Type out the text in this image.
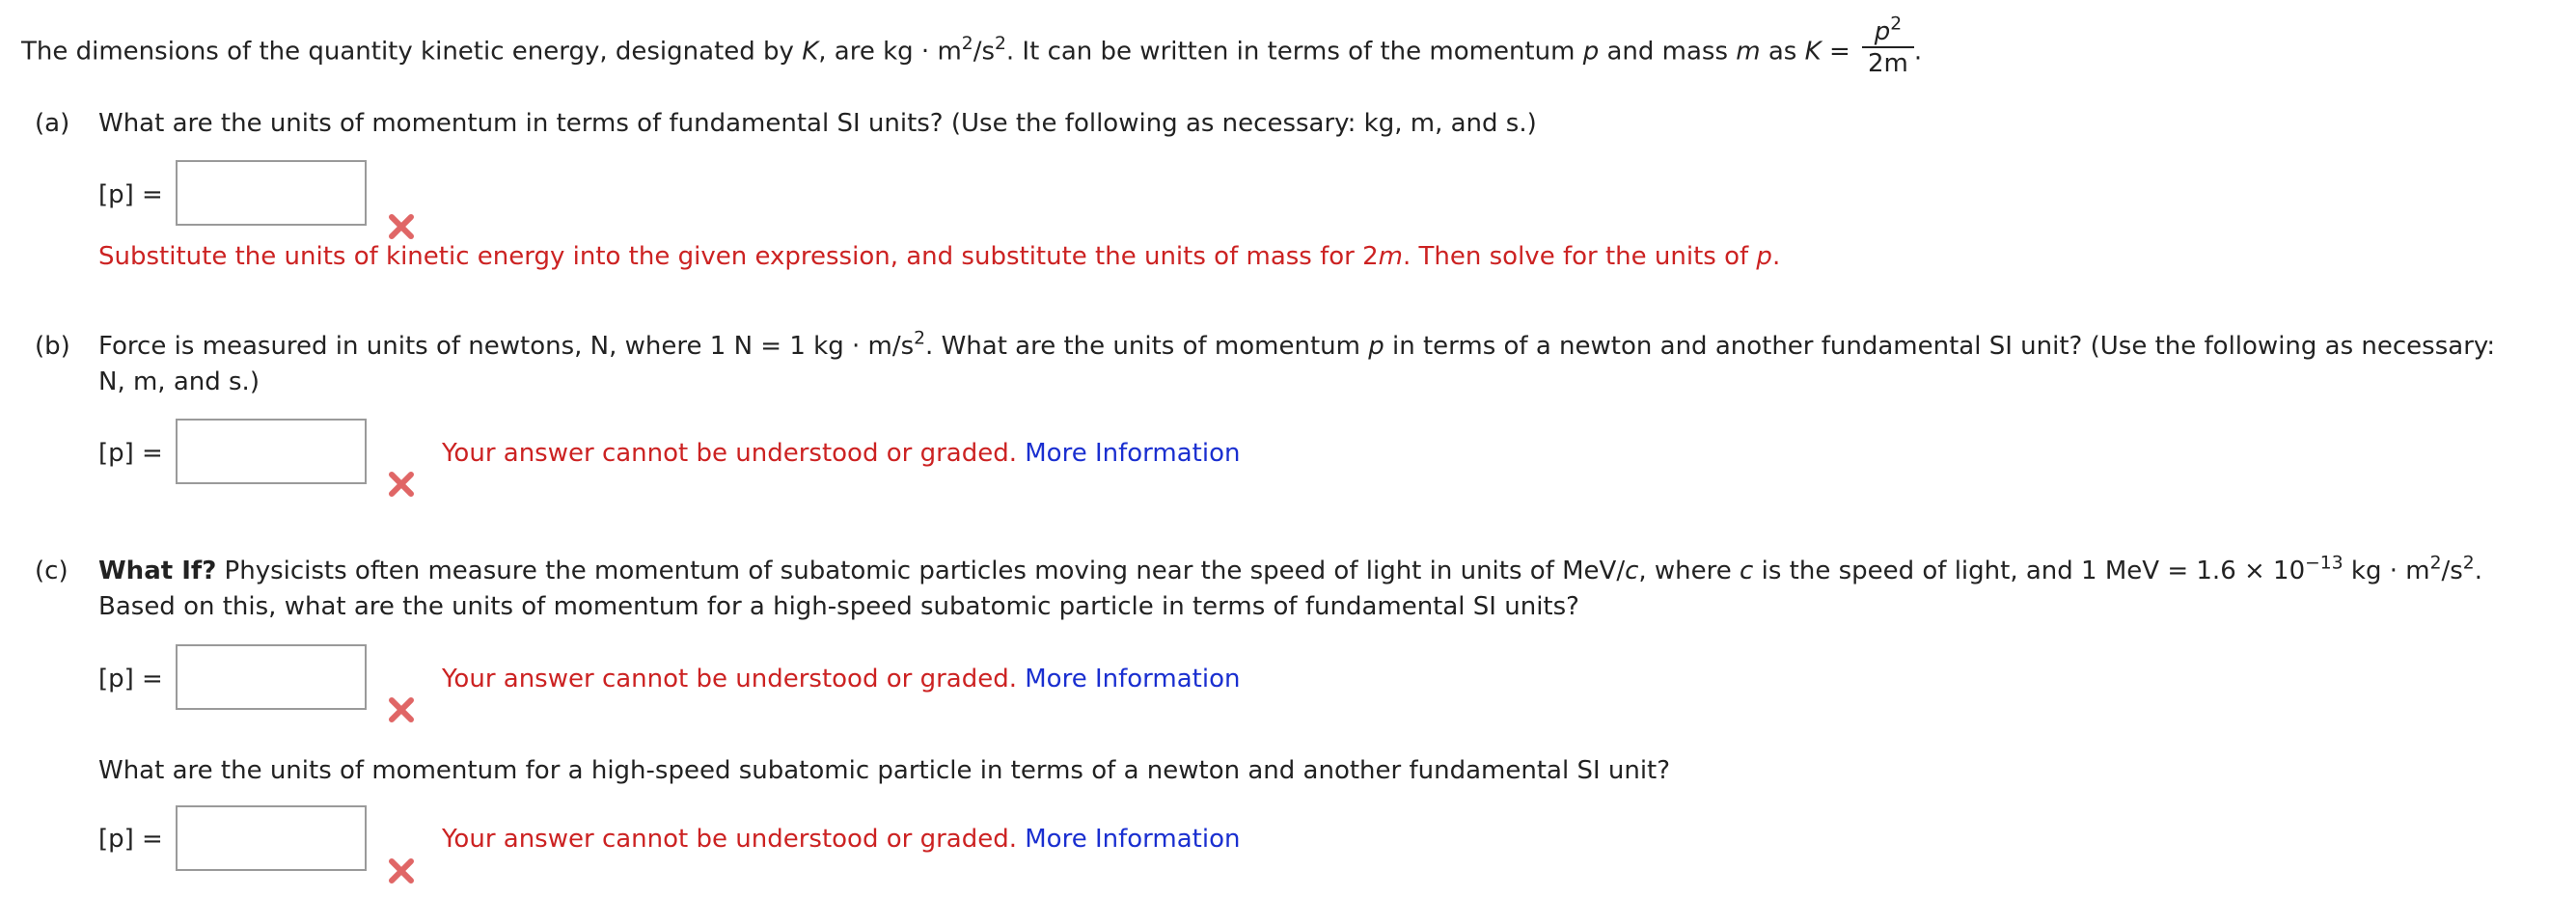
The dimensions of the quantity kinetic energy, designated by K, are kg · $m^2/s^2$. It can be written in terms of the momentum p and mass m as $K = \frac{p^2}{2m}$ .
(a) What are the units of momentum in terms of fundamental SI units? (Use the following as necessary: kg, m, and s.)
[p] =
Substitute the units of kinetic energy into the given expression, and substitute the units of mass for 2m. Then solve for the units of p.
(b) Force is measured in units of newtons, N, where 1 N = 1 kg · $m/s^2$. What are the units of momentum p in terms of a newton and another fundamental SI unit? (Use the following as necessary:
N, m, and s.)
[p] =	Your answer cannot be understood or graded. More Information
(c) What If? Physicists often measure the momentum of subatomic particles moving near the speed of light in units of MeV/c, where c is the speed of light, and 1 MeV = $1.6 \times 10^{-13}$ kg · $m^2/s^2$.
Based on this, what are the units of momentum for a high-speed subatomic particle in terms of fundamental SI units?
[p] =	Your answer cannot be understood or graded. More Information
What are the units of momentum for a high-speed subatomic particle in terms of a newton and another fundamental SI unit?
[p] =	Your answer cannot be understood or graded. More Information
